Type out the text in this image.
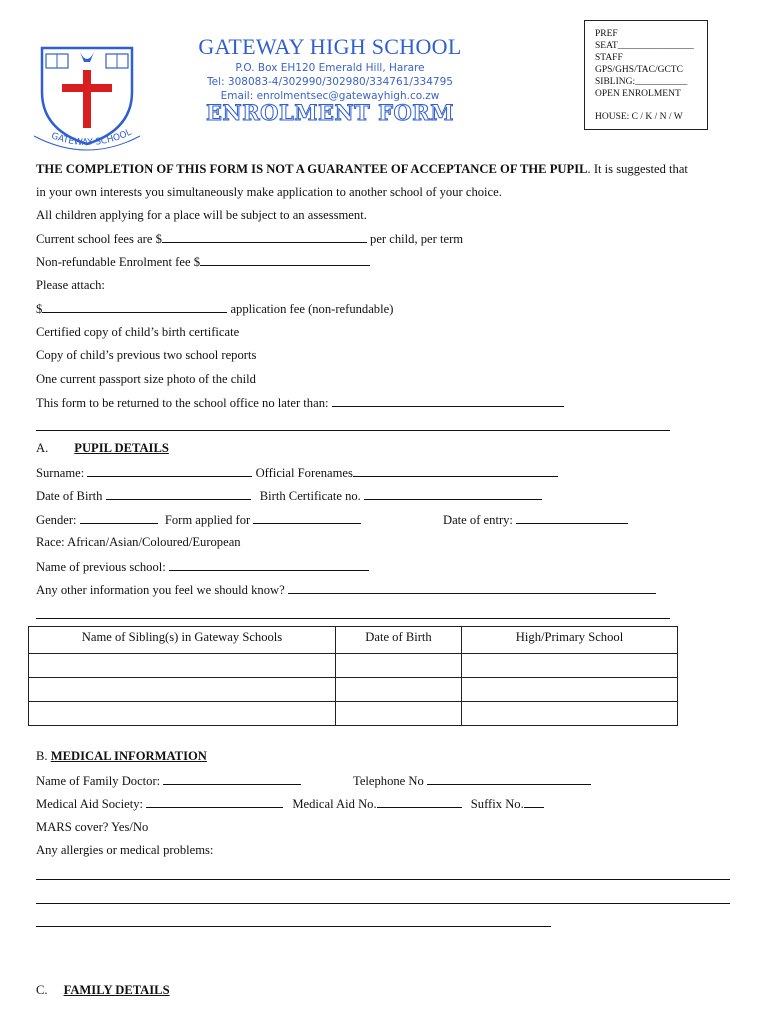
GATEWAY SCHOOL
GATEWAY HIGH SCHOOL
P.O. Box EH120 Emerald Hill, Harare
Tel: 308083-4/302990/302980/334761/334795
Email: enrolmentsec@gatewayhigh.co.zw
ENROLMENT FORM
PREF
SEAT________________
STAFF
GPS/GHS/TAC/GCTC
SIBLING:___________
OPEN ENROLMENT
HOUSE: C / K / N / W
THE COMPLETION OF THIS FORM IS NOT A GUARANTEE OF ACCEPTANCE OF THE PUPIL. It is suggested that
in your own interests you simultaneously make application to another school of your choice.
All children applying for a place will be subject to an assessment.
Current school fees are $	per child, per term
Non-refundable Enrolment fee $
Please attach:
$	application fee (non-refundable)
Certified copy of child’s birth certificate
Copy of child’s previous two school reports
One current passport size photo of the child
This form to be returned to the school office no later than:
A. PUPIL DETAILS
Surname:	Official Forenames
Date of Birth	Birth Certificate no.
Gender:	Form applied for	Date of entry:
Race: African/Asian/Coloured/European
Name of previous school:
Any other information you feel we should know?
Name of Sibling(s) in Gateway Schools	Date of Birth	High/Primary School

B. MEDICAL INFORMATION
Name of Family Doctor:	Telephone No
Medical Aid Society:	Medical Aid No.	Suffix No.
MARS cover? Yes/No
Any allergies or medical problems:
C. FAMILY DETAILS
